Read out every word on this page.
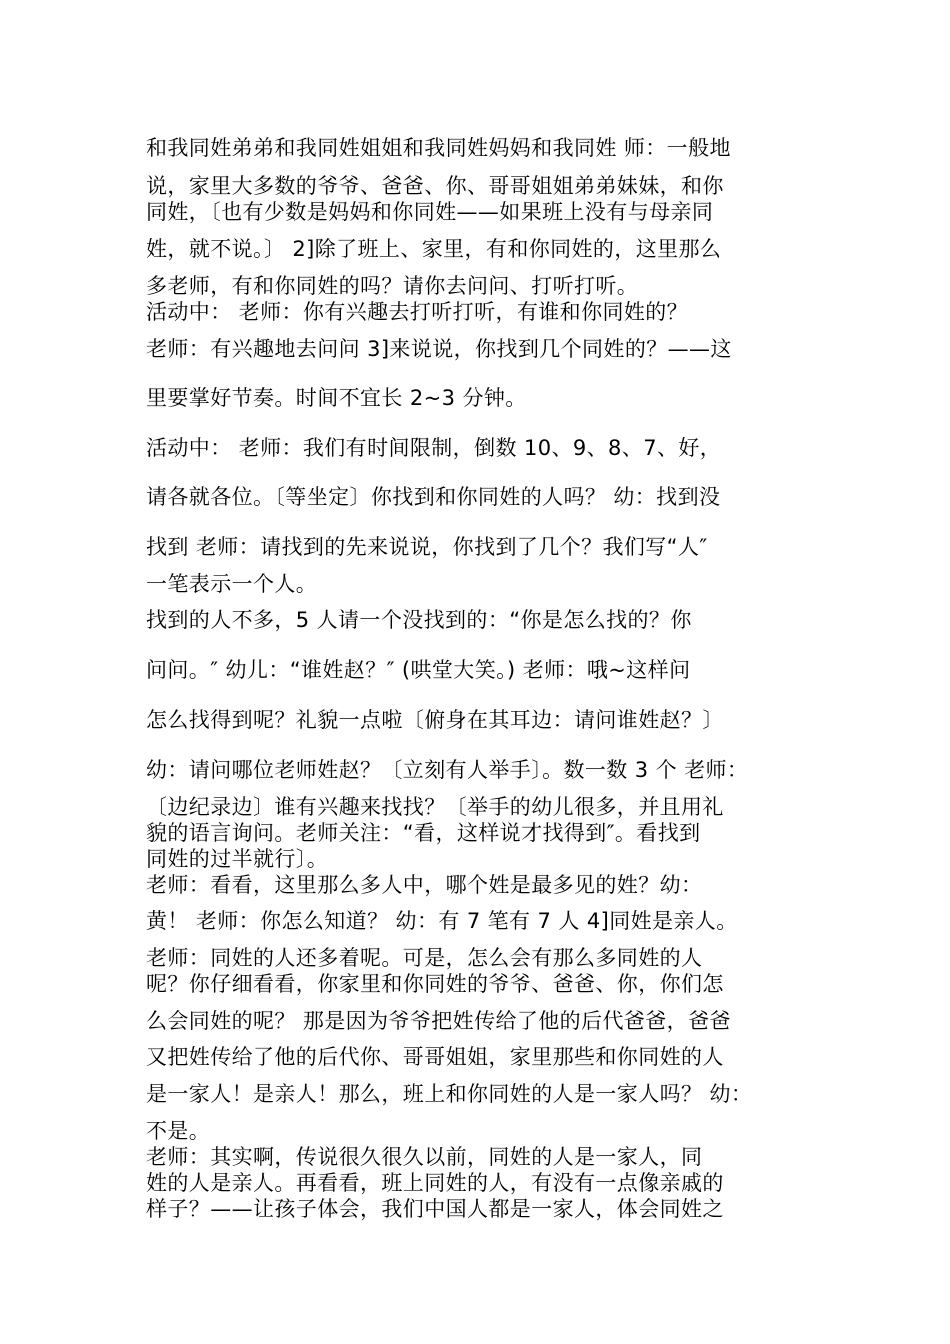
和我同姓弟弟和我同姓姐姐和我同姓妈妈和我同姓 师：一般地

说，家里大多数的爷爷、爸爸、你、哥哥姐姐弟弟妹妹，和你

同姓，〔也有少数是妈妈和你同姓——如果班上没有与母亲同

姓，就不说。〕 2]除了班上、家里，有和你同姓的，这里那么

多老师，有和你同姓的吗？请你去问问、打听打听。

活动中： 老师：你有兴趣去打听打听，有谁和你同姓的？

老师：有兴趣地去问问 3]来说说，你找到几个同姓的？——这

里要掌好节奏。时间不宜长 2~3 分钟。

活动中： 老师：我们有时间限制，倒数 10、9、8、7、好，

请各就各位。〔等坐定〕你找到和你同姓的人吗？ 幼：找到没

找到 老师：请找到的先来说说，你找到了几个？我们写“人″

一笔表示一个人。

找到的人不多，5 人请一个没找到的：“你是怎么找的？你

问问。″ 幼儿：“谁姓赵？″ (哄堂大笑。) 老师：哦~这样问

怎么找得到呢？礼貌一点啦〔俯身在其耳边：请问谁姓赵？〕

幼：请问哪位老师姓赵？〔立刻有人举手〕。数一数 3 个 老师：

〔边纪录边〕谁有兴趣来找找？〔举手的幼儿很多，并且用礼

貌的语言询问。老师关注：“看，这样说才找得到″。看找到

同姓的过半就行〕。

老师：看看，这里那么多人中，哪个姓是最多见的姓？幼：

黄！ 老师：你怎么知道？ 幼：有 7 笔有 7 人 4]同姓是亲人。

老师：同姓的人还多着呢。可是，怎么会有那么多同姓的人

呢？你仔细看看，你家里和你同姓的爷爷、爸爸、你，你们怎

么会同姓的呢？ 那是因为爷爷把姓传给了他的后代爸爸，爸爸

又把姓传给了他的后代你、哥哥姐姐，家里那些和你同姓的人

是一家人！是亲人！那么，班上和你同姓的人是一家人吗？ 幼：

不是。

老师：其实啊，传说很久很久以前，同姓的人是一家人，同

姓的人是亲人。再看看，班上同姓的人，有没有一点像亲戚的

样子？——让孩子体会，我们中国人都是一家人，体会同姓之
